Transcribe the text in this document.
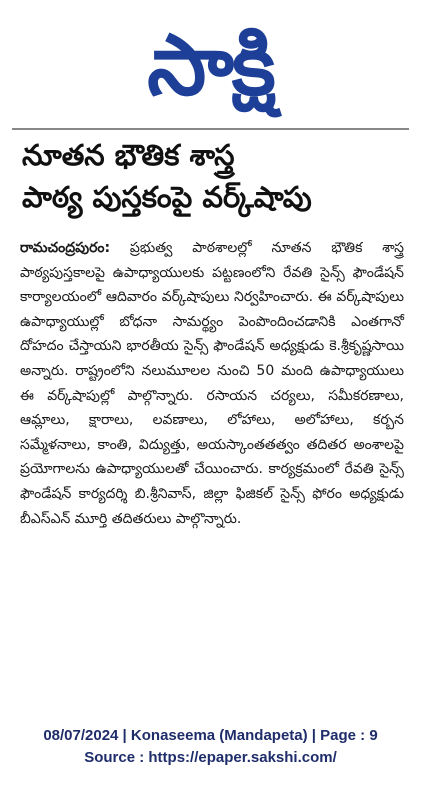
సాక్షి
నూతన భౌతిక శాస్త్ర
పాఠ్య పుస్తకంపై వర్క్‌షాపు
రామచంద్రపురం: ప్రభుత్వ పాఠశాలల్లో నూతన భౌతిక శాస్త్ర పాఠ్యపుస్తకాలపై ఉపాధ్యాయులకు పట్టణంలోని రేవతి సైన్స్ ఫౌండేషన్ కార్యాలయంలో ఆదివారం వర్క్‌షాపులు నిర్వహించారు. ఈ వర్క్‌షాపులు ఉపాధ్యాయుల్లో బోధనా సామర్థ్యం పెంపొందించడానికి ఎంతగానో దోహదం చేస్తాయని భారతీయ సైన్స్ ఫౌండేషన్ అధ్యక్షుడు కె.శ్రీకృష్ణసాయి అన్నారు. రాష్ట్రంలోని నలుమూలల నుంచి 50 మంది ఉపాధ్యాయులు ఈ వర్క్‌షాపుల్లో పాల్గొన్నారు. రసాయన చర్యలు, సమీకరణాలు, ఆమ్లాలు, క్షారాలు, లవణాలు, లోహాలు, అలోహాలు, కర్బన సమ్మేళనాలు, కాంతి, విద్యుత్తు, అయస్కాంతతత్వం తదితర అంశాలపై ప్రయోగాలను ఉపాధ్యాయులతో చేయించారు. కార్యక్రమంలో రేవతి సైన్స్ ఫౌండేషన్ కార్యదర్శి బి.శ్రీనివాస్, జిల్లా ఫిజికల్ సైన్స్ ఫోరం అధ్యక్షుడు బీఎస్ఎన్ మూర్తి తదితరులు పాల్గొన్నారు.
08/07/2024 | Konaseema (Mandapeta) | Page : 9
Source : https://epaper.sakshi.com/
